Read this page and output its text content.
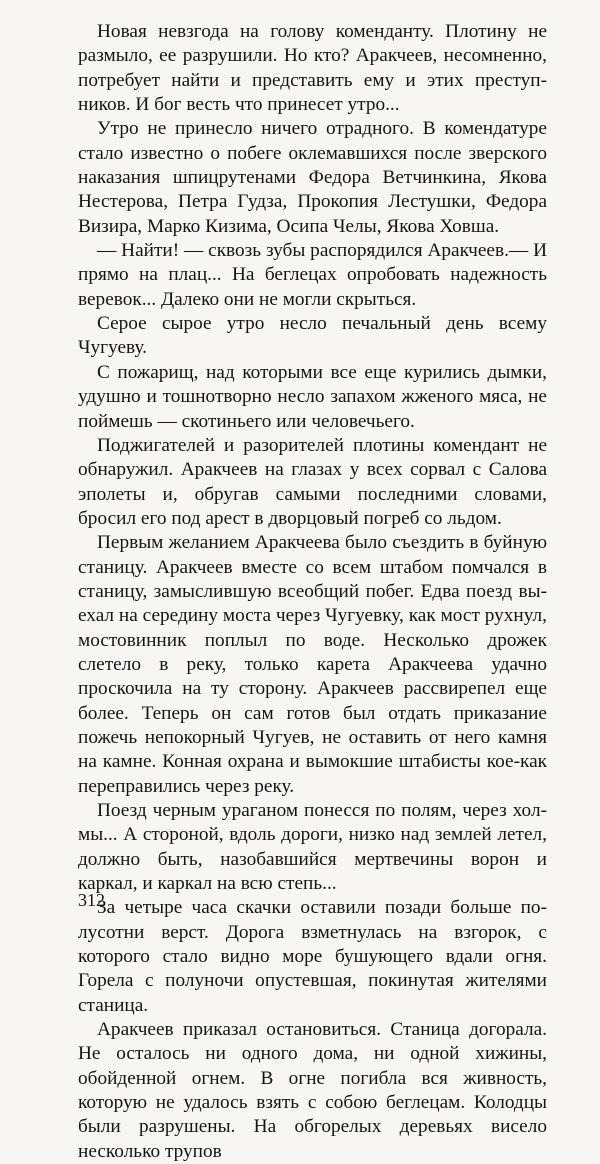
Новая невзгода на голову коменданту. Плотину не размыло, ее разрушили. Но кто? Аракчеев, несомненно, потребует найти и представить ему и этих преступников. И бог весть что принесет утро...

Утро не принесло ничего отрадного. В комендатуре стало известно о побеге оклемавшихся после зверского наказания шпицрутенами Федора Ветчинкина, Якова Нестерова, Петра Гудза, Прокопия Лестушки, Федора Визира, Марко Кизима, Осипа Челы, Якова Ховша.

— Найти! — сквозь зубы распорядился Аракчеев.— И прямо на плац... На беглецах опробовать надежность веревок... Далеко они не могли скрыться.

Серое сырое утро несло печальный день всему Чугуеву.

С пожарищ, над которыми все еще курились дымки, удушно и тошнотворно несло запахом жженого мяса, не поймешь — скотиньего или человечьего.

Поджигателей и разорителей плотины комендант не обнаружил. Аракчеев на глазах у всех сорвал с Салова эполеты и, обругав самыми последними словами, бросил его под арест в дворцовый погреб со льдом.

Первым желанием Аракчеева было съездить в буйную станицу. Аракчеев вместе со всем штабом помчался в станицу, замыслившую всеобщий побег. Едва поезд выехал на середину моста через Чугуевку, как мост рухнул, мостовинник поплыл по воде. Несколько дрожек слетело в реку, только карета Аракчеева удачно проскочила на ту сторону. Аракчеев рассвирепел еще более. Теперь он сам готов был отдать приказание пожечь непокорный Чугуев, не оставить от него камня на камне. Конная охрана и вымокшие штабисты кое-как переправились через реку.

Поезд черным ураганом понесся по полям, через холмы... А стороной, вдоль дороги, низко над землей летел, должно быть, назобавшийся мертвечины ворон и каркал, и каркал на всю степь...

За четыре часа скачки оставили позади больше полусотни верст. Дорога взметнулась на взгорок, с которого стало видно море бушующего вдали огня. Горела с полуночи опустевшая, покинутая жителями станица.

Аракчеев приказал остановиться. Станица догорала. Не осталось ни одного дома, ни одной хижины, обойденной огнем. В огне погибла вся живность, которую не удалось взять с собою беглецам. Колодцы были разрушены. На обгорелых деревьях висело несколько трупов

312
